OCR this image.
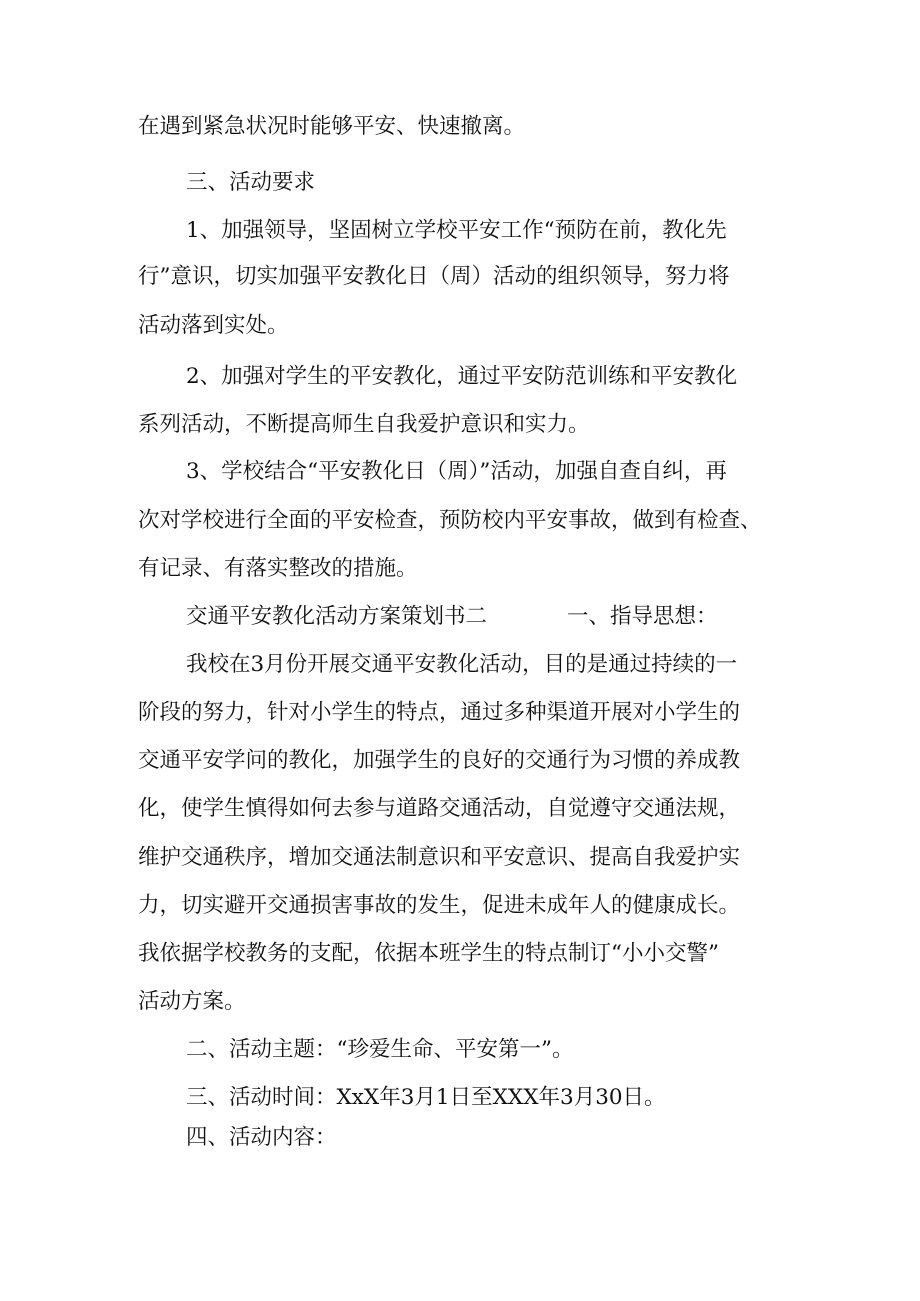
在遇到紧急状况时能够平安、快速撤离。
三、活动要求
1、加强领导，坚固树立学校平安工作“预防在前，教化先
行”意识，切实加强平安教化日（周）活动的组织领导，努力将
活动落到实处。
2、加强对学生的平安教化，通过平安防范训练和平安教化
系列活动，不断提高师生自我爱护意识和实力。
3、学校结合“平安教化日（周）”活动，加强自查自纠，再
次对学校进行全面的平安检查，预防校内平安事故，做到有检查、
有记录、有落实整改的措施。
交通平安教化活动方案策划书二	一、指导思想：
我校在3月份开展交通平安教化活动，目的是通过持续的一
阶段的努力，针对小学生的特点，通过多种渠道开展对小学生的
交通平安学问的教化，加强学生的良好的交通行为习惯的养成教
化，使学生慎得如何去参与道路交通活动，自觉遵守交通法规，
维护交通秩序，增加交通法制意识和平安意识、提高自我爱护实
力，切实避开交通损害事故的发生，促进未成年人的健康成长。
我依据学校教务的支配，依据本班学生的特点制订“小小交警”
活动方案。
二、活动主题：“珍爱生命、平安第一”。
三、活动时间：XxX年3月1日至XXX年3月30日。
四、活动内容：
